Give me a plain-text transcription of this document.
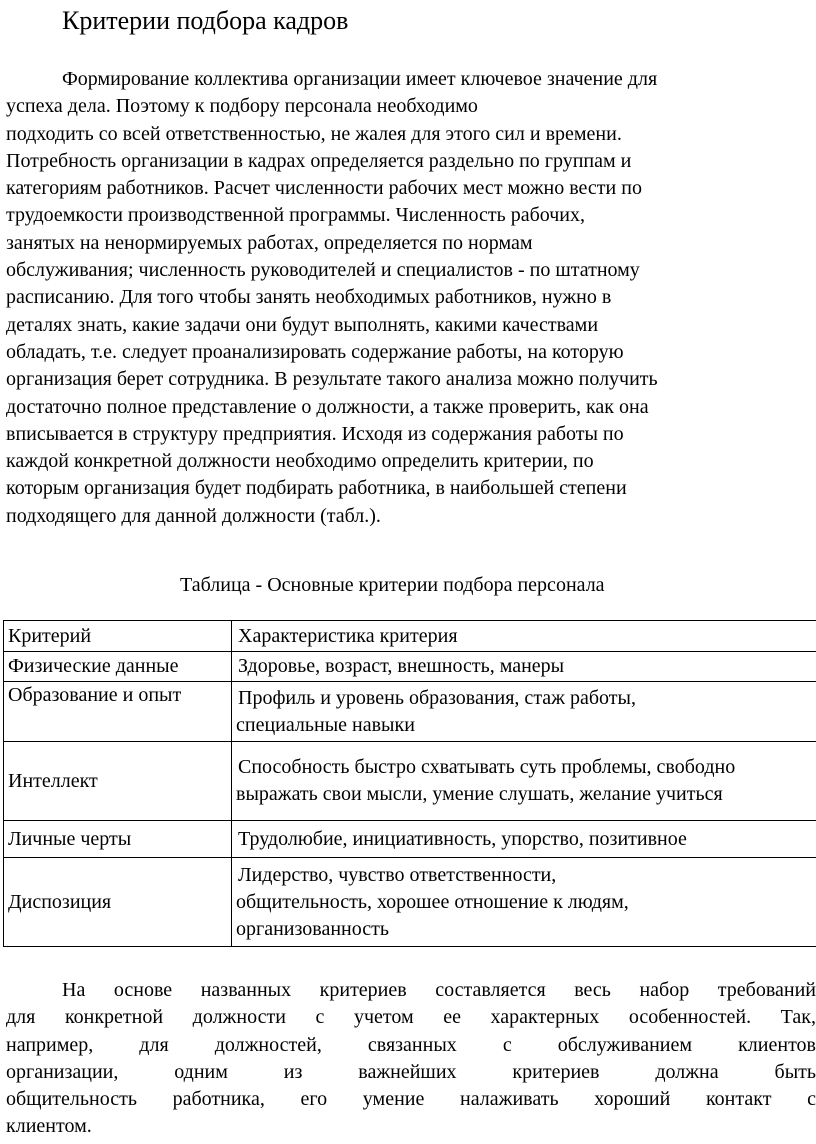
Критерии подбора кадров
Формирование коллектива организации имеет ключевое значение для
успеха дела. Поэтому к подбору персонала необходимо
подходить со всей ответственностью, не жалея для этого сил и времени.
Потребность организации в кадрах определяется раздельно по группам и
категориям работников. Расчет численности рабочих мест можно вести по
трудоемкости производственной программы. Численность рабочих,
занятых на ненормируемых работах, определяется по нормам
обслуживания; численность руководителей и специалистов - по штатному
расписанию. Для того чтобы занять необходимых работников, нужно в
деталях знать, какие задачи они будут выполнять, какими качествами
обладать, т.е. следует проанализировать содержание работы, на которую
организация берет сотрудника. В результате такого анализа можно получить
достаточно полное представление о должности, а также проверить, как она
вписывается в структуру предприятия. Исходя из содержания работы по
каждой конкретной должности необходимо определить критерии, по
которым организация будет подбирать работника, в наибольшей степени
подходящего для данной должности (табл.).
Таблица - Основные критерии подбора персонала
Критерий	Характеристика критерия

Физические данные	Здоровье, возраст, внешность, манеры

Образование и опыт	Профиль и уровень образования, стаж работы,
специальные навыки

Интеллект	Способность быстро схватывать суть проблемы, свободно
выражать свои мысли, умение слушать, желание учиться

Личные черты	Трудолюбие, инициативность, упорство, позитивное

Диспозиция	Лидерство, чувство ответственности,
общительность, хорошее отношение к людям,
организованность
На основе названных критериев составляется весь набор требований
для конкретной должности с учетом ее характерных особенностей. Так,
например, для должностей, связанных с обслуживанием клиентов
организации, одним из важнейших критериев должна быть
общительность работника, его умение налаживать хороший контакт с
клиентом.
